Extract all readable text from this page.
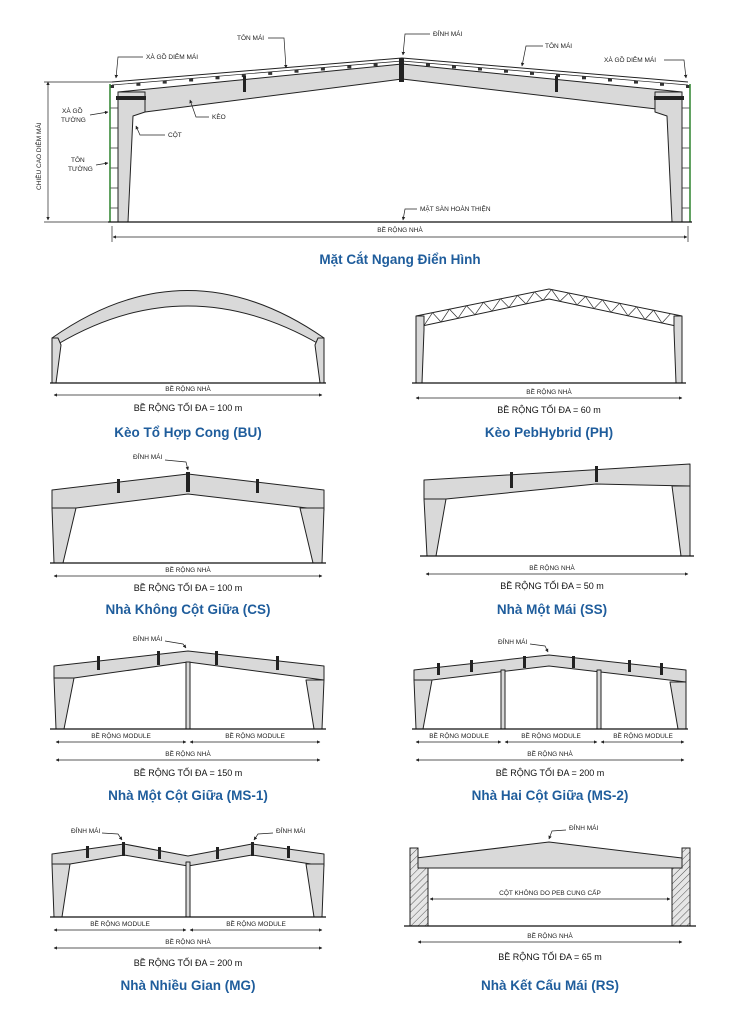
CHIỀU CAO DIÊM MÁI
BỀ RỘNG NHÀ
TÔN MÁI
ĐỈNH MÁI
TÔN MÁI
XÀ GỒ DIÊM MÁI	XÀ GỒ DIÊM MÁI
XÀ GỒ
TƯỜNG	KÈO
CỘT
TÔN
TƯỜNG
MẶT SÀN HOÀN THIỆN
Mặt Cắt Ngang Điển Hình
BỀ RỘNG NHÀ
BỀ RỘNG TỐI ĐA = 100 m
Kèo Tổ Hợp Cong (BU)
BỀ RỘNG NHÀ
BỀ RỘNG TỐI ĐA = 60 m
Kèo PebHybrid (PH)
ĐỈNH MÁI
BỀ RỘNG NHÀ
BỀ RỘNG TỐI ĐA = 100 m
Nhà Không Cột Giữa (CS)
BỀ RỘNG NHÀ
BỀ RỘNG TỐI ĐA = 50 m
Nhà Một Mái (SS)
ĐỈNH MÁI
BỀ RỘNG MODULE	BỀ RỘNG MODULE
BỀ RỘNG NHÀ
BỀ RỘNG TỐI ĐA = 150 m
Nhà Một Cột Giữa (MS-1)
ĐỈNH MÁI
BỀ RỘNG MODULE	BỀ RỘNG MODULE	BỀ RỘNG MODULE
BỀ RỘNG NHÀ
BỀ RỘNG TỐI ĐA = 200 m
Nhà Hai Cột Giữa (MS-2)
ĐỈNH MÁI	ĐỈNH MÁI
BỀ RỘNG MODULE	BỀ RỘNG MODULE
BỀ RỘNG NHÀ
BỀ RỘNG TỐI ĐA = 200 m
Nhà Nhiều Gian (MG)
ĐỈNH MÁI
CỘT KHÔNG DO PEB CUNG CẤP
BỀ RỘNG NHÀ
BỀ RỘNG TỐI ĐA = 65 m
Nhà Kết Cấu Mái (RS)
